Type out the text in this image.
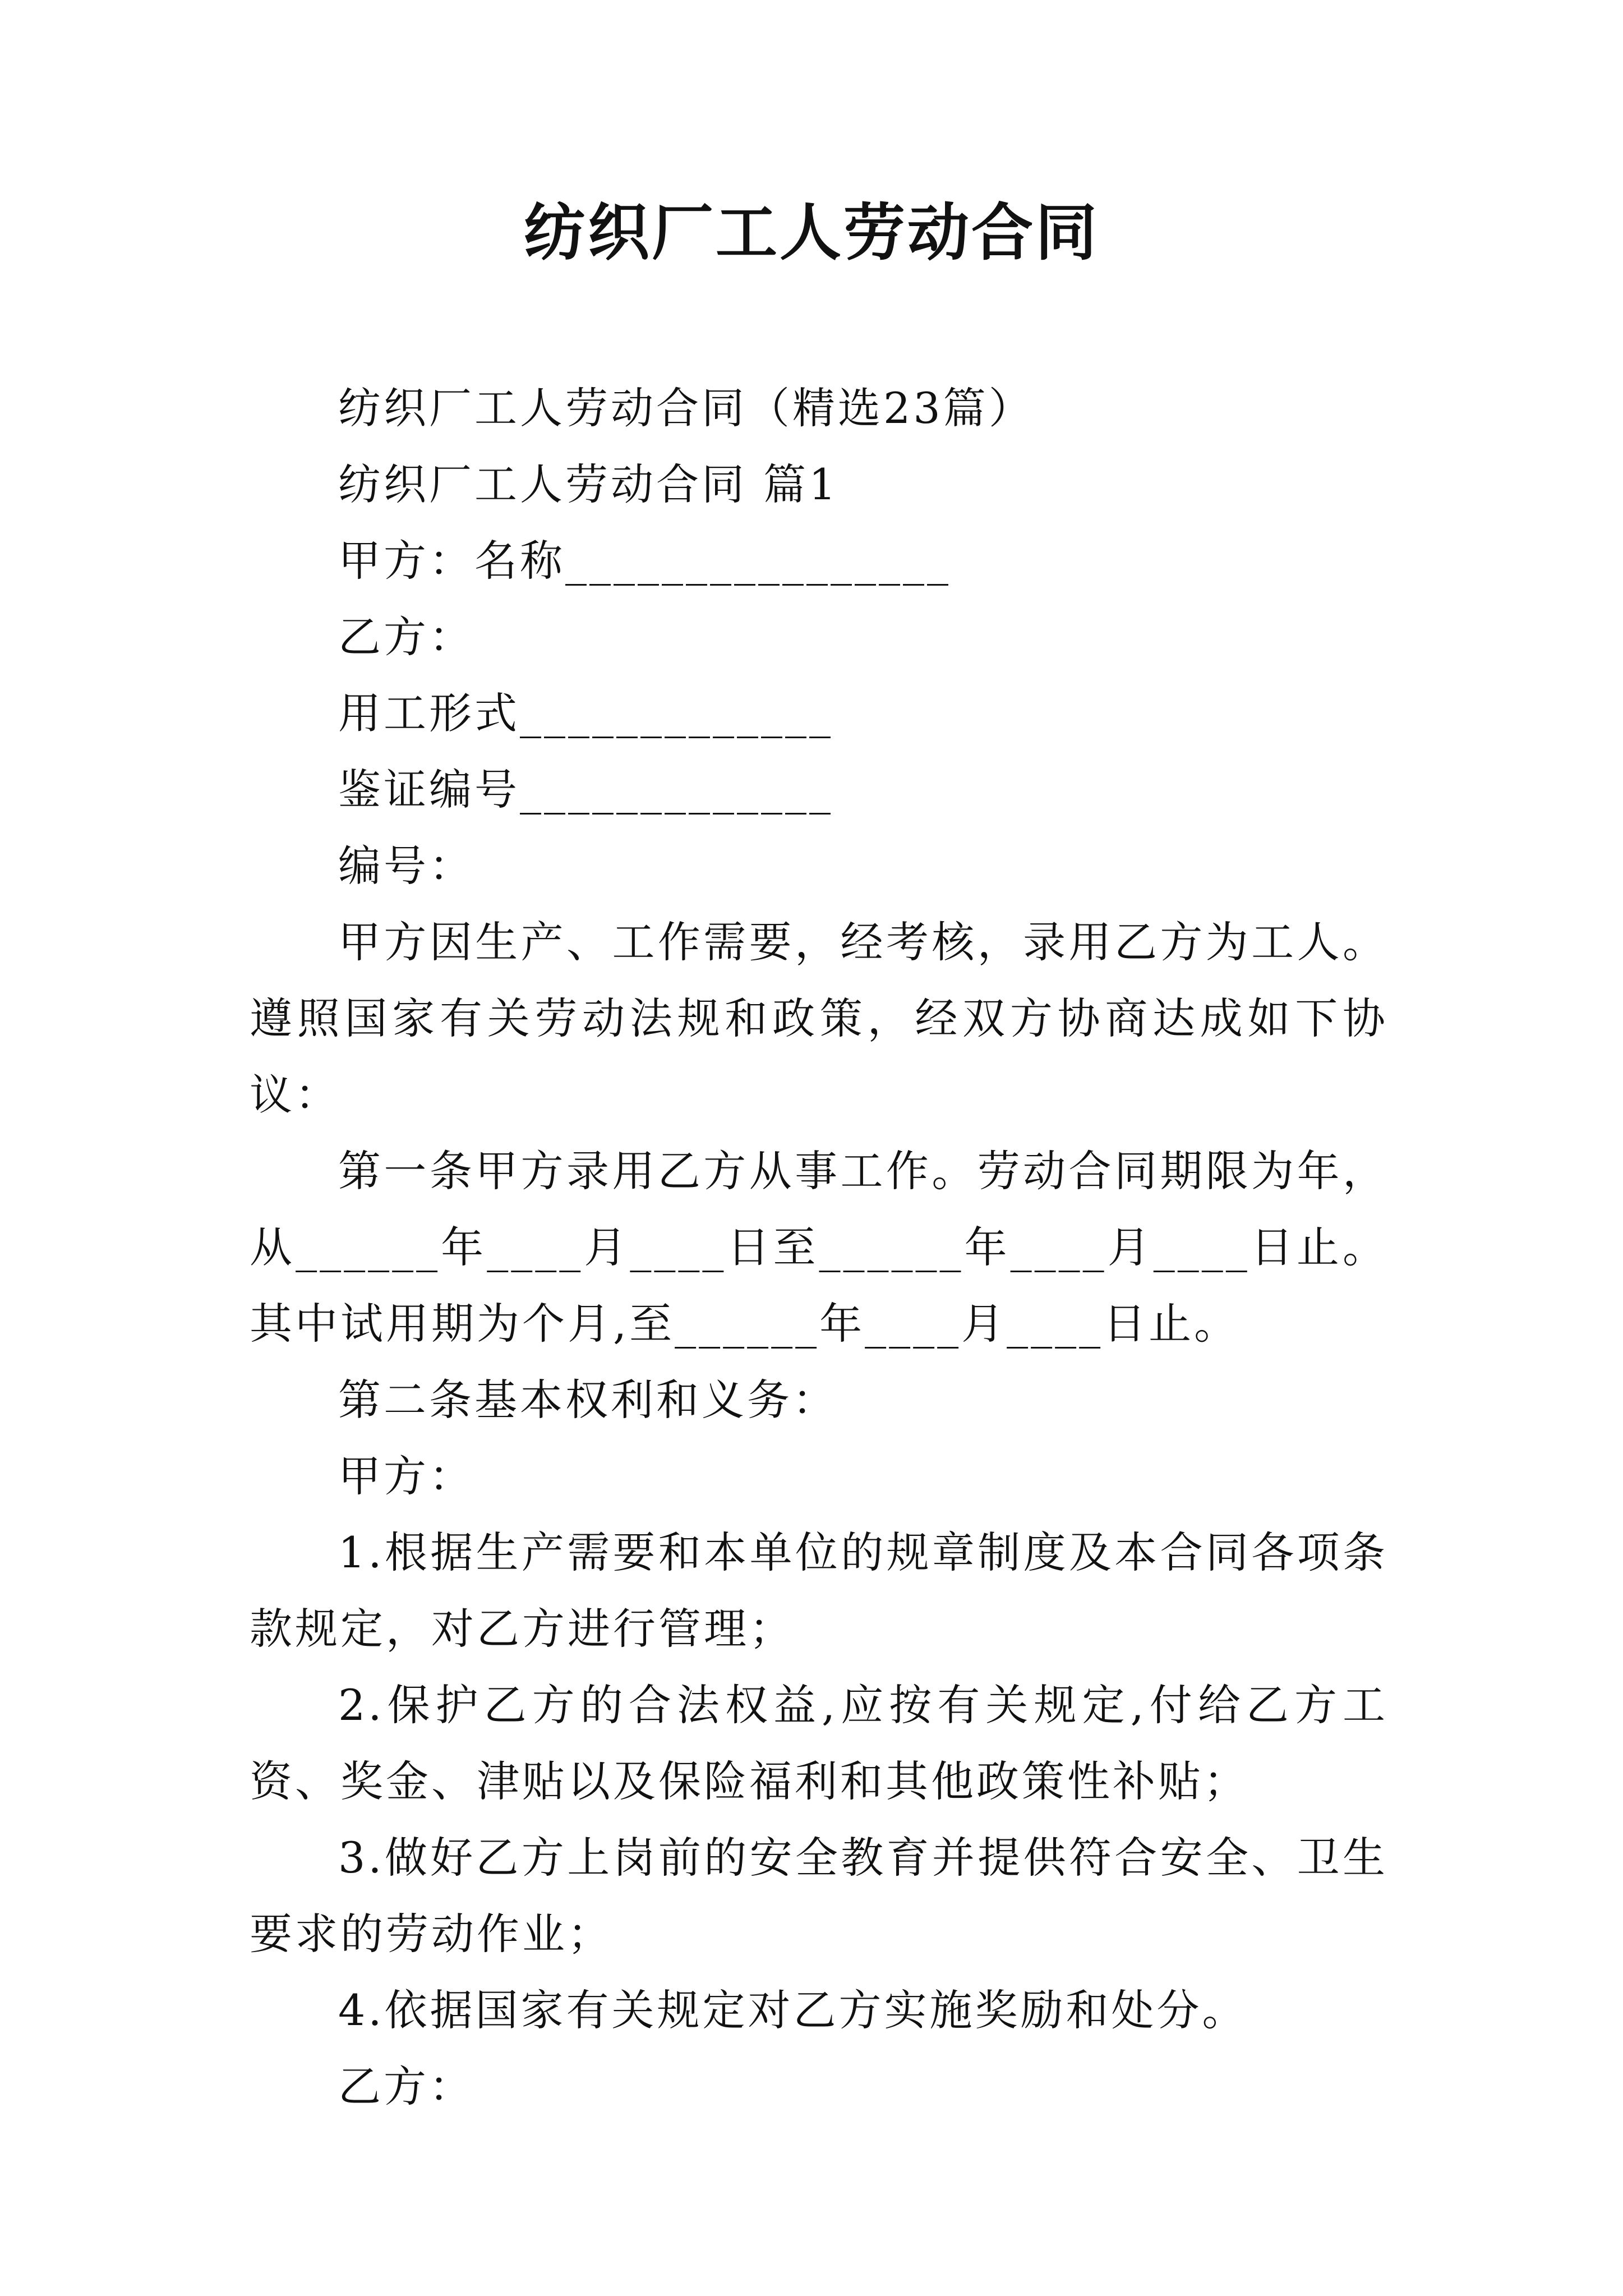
纺织厂工人劳动合同

纺织厂工人劳动合同（精选23篇）

纺织厂工人劳动合同 篇1

甲方：名称________________

乙方：

用工形式_____________

鉴证编号_____________

编号：

甲方因生产、工作需要，经考核，录用乙方为工人。遵照国家有关劳动法规和政策，经双方协商达成如下协议：

第一条甲方录用乙方从事工作。劳动合同期限为年，从______年____月____日至______年____月____日止。其中试用期为个月,至______年____月____日止。

第二条基本权利和义务：

甲方：

1.根据生产需要和本单位的规章制度及本合同各项条款规定，对乙方进行管理；

2.保护乙方的合法权益,应按有关规定,付给乙方工资、奖金、津贴以及保险福利和其他政策性补贴；

3.做好乙方上岗前的安全教育并提供符合安全、卫生要求的劳动作业；

4.依据国家有关规定对乙方实施奖励和处分。

乙方：
